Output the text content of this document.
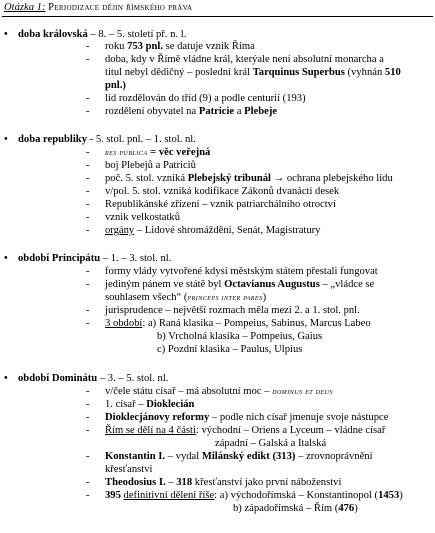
Otázka 1: Periodizace dějin římského práva
• doba královská – 8. – 5. století př. n. l.
- roku 753 pnl. se datuje vznik Říma
- doba, kdy v Římě vládne král, kterýale není absolutní monarcha a
titul nebyl dědičný – poslední král Tarquinus Superbus (vyhnán 510
pnl.)
- lid rozdělován do tříd (9) a podle centurií (193)
- rozdělení obyvatel na Patricie a Plebeje
• doba republiky - 5. stol. pnl. – 1. stol. nl.
- res publica = věc veřejná
- boj Plebejů a Patriciů
- poč. 5. stol. vzniká Plebejský tribunál → ochrana plebejského lidu
- v/pol. 5. stol. vzniká kodifikace Zákonů dvanácti desek
- Republikánské zřízení – vznik patriarchálního otroctví
- vznik velkostatků
- orgány – Lidové shromáždění, Senát, Magistratury
• období Principátu – 1. – 3. stol. nl.
- formy vlády vytvořené kdysi městským státem přestali fungovat
- jediným pánem ve státě byl Octavianus Augustus – „vládce se
souhlasem všech“ (princeps inter pares)
- jurisprudence – největší rozmach měla mezi 2. a 1. stol. pnl.
- 3 období: a) Raná klasika – Pompeius, Sabinus, Marcus Labeo
b) Vrcholná klasika – Pompeius, Gaius
c) Pozdní klasika – Paulus, Ulpius
• období Dominátu – 3. – 5. stol. nl.
- v/čele státu císař – má absolutní moc – dominus et deus
- 1. císař – Dioklecián
- Dioklecjánovy reformy – podle nich císař jmenuje svoje nástupce
- Řím se dělí na 4 části: východní – Oriens a Lyceum – vládne císař
západní – Galská a Italská
- Konstantin I. – vydal Milánský edikt (313) – zrovnoprávnění
křesťanství
- Theodosius I. – 318 křesťanství jako první náboženství
- 395 definitivní dělení říše: a) východořímská – Konstantinopol (1453)
b) západořímská – Řím (476)
